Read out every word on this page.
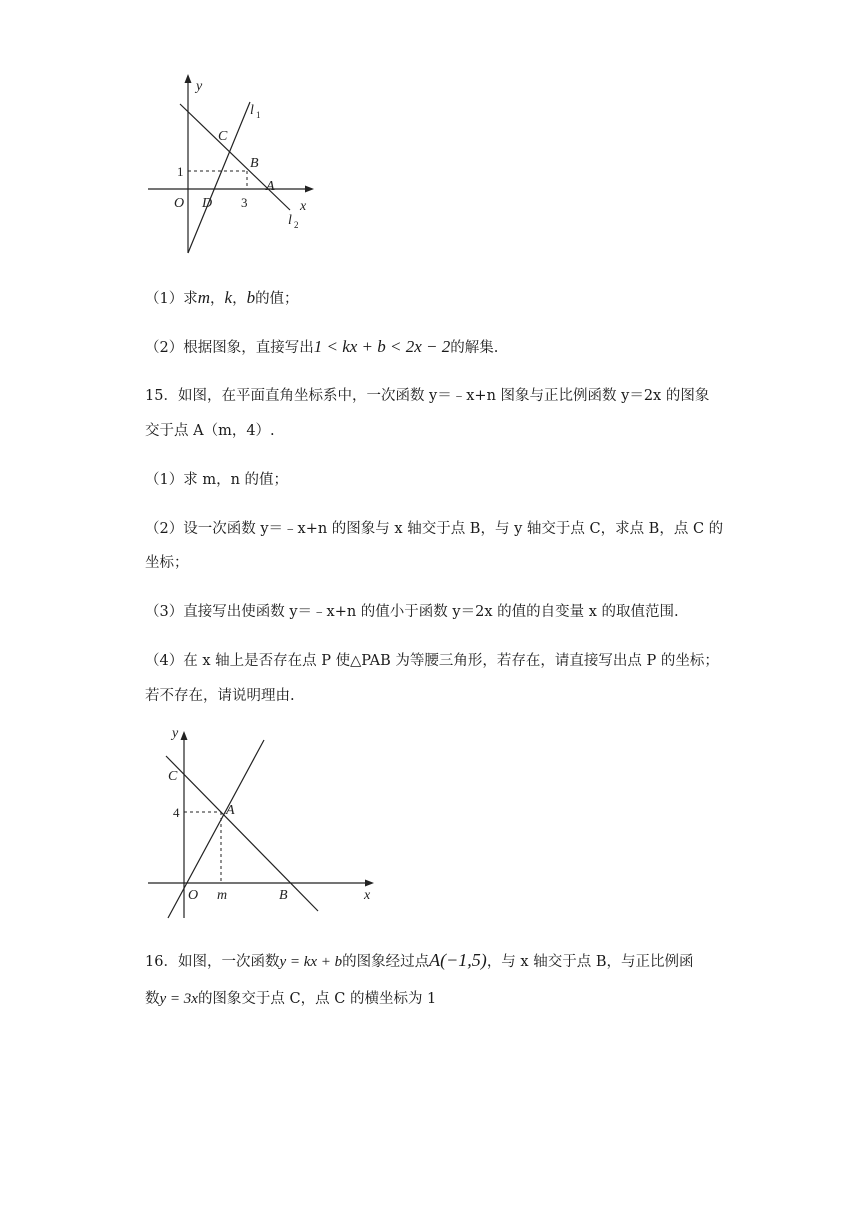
y
l 1
C
B
A
1
O D 3	x
l 2
（1）求m，k，b的值；
（2）根据图象，直接写出1 < kx + b < 2x − 2的解集.
15．如图，在平面直角坐标系中，一次函数 y＝﹣x+n 图象与正比例函数 y＝2x 的图象
交于点 A（m，4）.
（1）求 m，n 的值；
（2）设一次函数 y＝﹣x+n 的图象与 x 轴交于点 B，与 y 轴交于点 C，求点 B，点 C 的
坐标；
（3）直接写出使函数 y＝﹣x+n 的值小于函数 y＝2x 的值的自变量 x 的取值范围.
（4）在 x 轴上是否存在点 P 使△PAB 为等腰三角形，若存在，请直接写出点 P 的坐标；
若不存在，请说明理由.
y
C
4	A
O m	B	x
16．如图，一次函数y = kx + b的图象经过点A(−1,5)，与 x 轴交于点 B，与正比例函
数y = 3x的图象交于点 C，点 C 的横坐标为 1
